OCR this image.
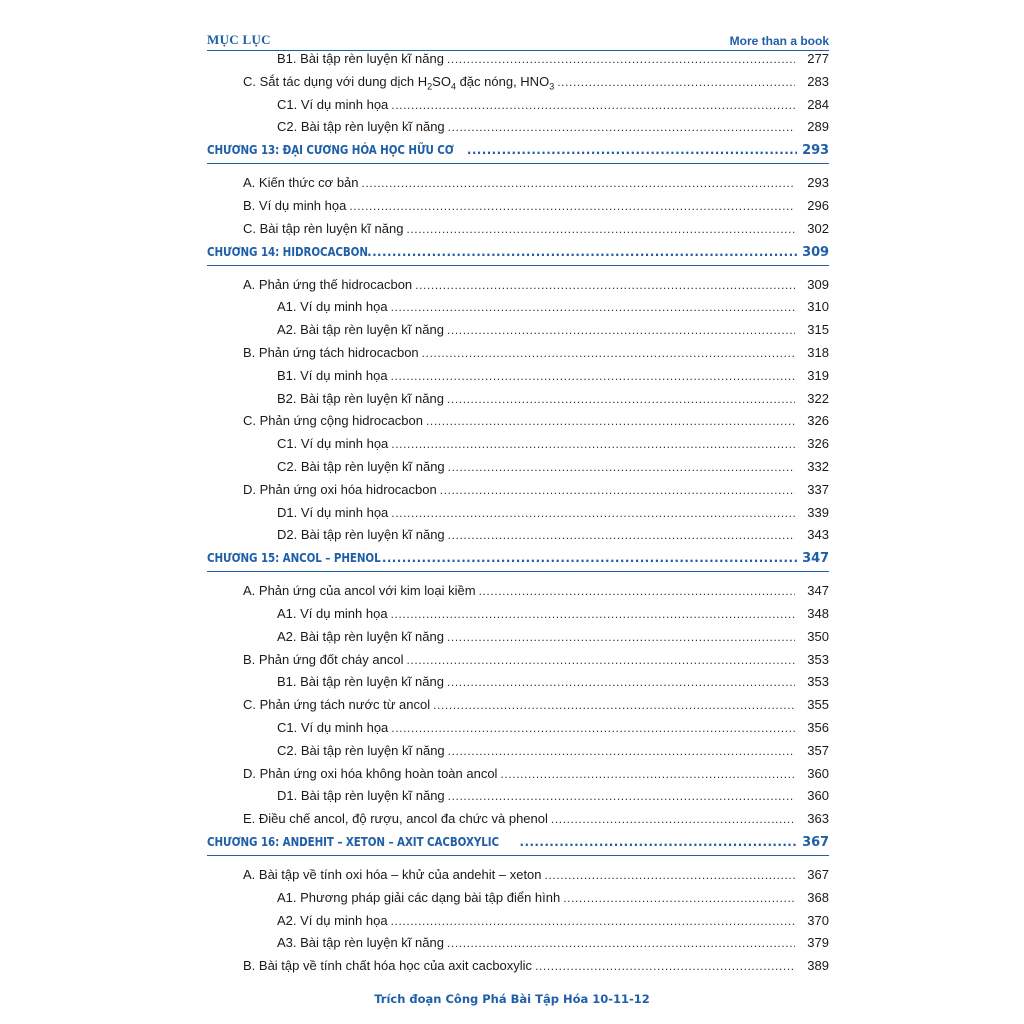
MỤC LỤC	More than a book
B1. Bài tập rèn luyện kĩ năng .....	277
C. Sắt tác dụng với dung dịch $H_2SO_4$ đặc nóng, $HNO_3$ .....	283
C1. Ví dụ minh họa .....	284
C2. Bài tập rèn luyện kĩ năng .....	289
CHƯƠNG 13: ĐẠI CƯƠNG HÓA HỌC HỮU CƠ .....	293
A. Kiến thức cơ bản .....	293
B. Ví dụ minh họa .....	296
C. Bài tập rèn luyện kĩ năng .....	302
CHƯƠNG 14: HIDROCACBON .....	309
A. Phản ứng thế hidrocacbon .....	309
A1. Ví dụ minh họa .....	310
A2. Bài tập rèn luyện kĩ năng .....	315
B. Phản ứng tách hidrocacbon .....	318
B1. Ví dụ minh họa .....	319
B2. Bài tập rèn luyện kĩ năng .....	322
C. Phản ứng cộng hidrocacbon .....	326
C1. Ví dụ minh họa .....	326
C2. Bài tập rèn luyện kĩ năng .....	332
D. Phản ứng oxi hóa hidrocacbon .....	337
D1. Ví dụ minh họa .....	339
D2. Bài tập rèn luyện kĩ năng .....	343
CHƯƠNG 15: ANCOL – PHENOL .....	347
A. Phản ứng của ancol với kim loại kiềm .....	347
A1. Ví dụ minh họa .....	348
A2. Bài tập rèn luyện kĩ năng .....	350
B. Phản ứng đốt cháy ancol .....	353
B1. Bài tập rèn luyện kĩ năng .....	353
C. Phản ứng tách nước từ ancol .....	355
C1. Ví dụ minh họa .....	356
C2. Bài tập rèn luyện kĩ năng .....	357
D. Phản ứng oxi hóa không hoàn toàn ancol .....	360
D1. Bài tập rèn luyện kĩ năng .....	360
E. Điều chế ancol, độ rượu, ancol đa chức và phenol .....	363
CHƯƠNG 16: ANDEHIT – XETON – AXIT CACBOXYLIC .....	367
A. Bài tập về tính oxi hóa – khử của andehit – xeton .....	367
A1. Phương pháp giải các dạng bài tập điển hình .....	368
A2. Ví dụ minh họa .....	370
A3. Bài tập rèn luyện kĩ năng .....	379
B. Bài tập về tính chất hóa học của axit cacboxylic .....	389
Trích đoạn Công Phá Bài Tập Hóa 10-11-12
